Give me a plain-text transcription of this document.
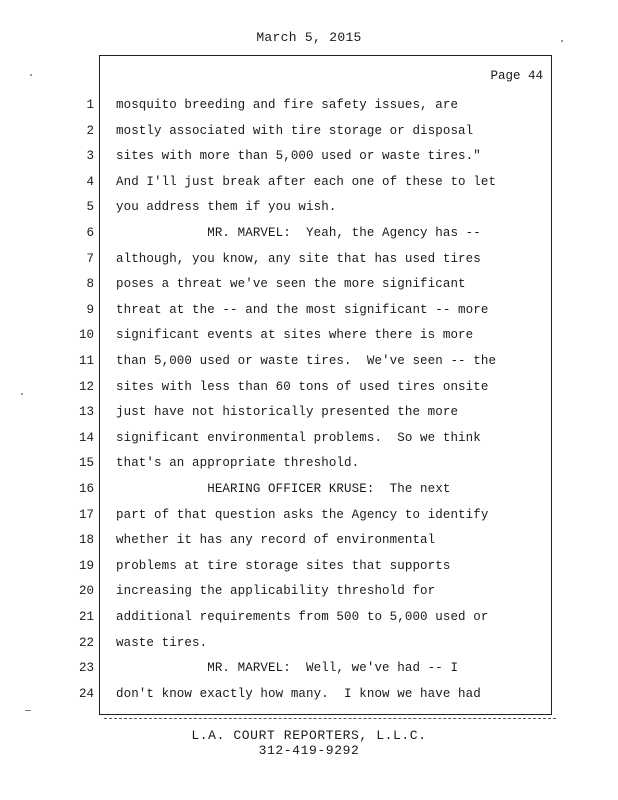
March 5, 2015
Page 44
1 mosquito breeding and fire safety issues, are
2 mostly associated with tire storage or disposal
3 sites with more than 5,000 used or waste tires."
4 And I'll just break after each one of these to let
5 you address them if you wish.
6 MR. MARVEL:  Yeah, the Agency has --
7 although, you know, any site that has used tires
8 poses a threat we've seen the more significant
9 threat at the -- and the most significant -- more
10 significant events at sites where there is more
11 than 5,000 used or waste tires.  We've seen -- the
12 sites with less than 60 tons of used tires onsite
13 just have not historically presented the more
14 significant environmental problems.  So we think
15 that's an appropriate threshold.
16 HEARING OFFICER KRUSE:  The next
17 part of that question asks the Agency to identify
18 whether it has any record of environmental
19 problems at tire storage sites that supports
20 increasing the applicability threshold for
21 additional requirements from 500 to 5,000 used or
22 waste tires.
23 MR. MARVEL:  Well, we've had -- I
24 don't know exactly how many.  I know we have had
L.A. COURT REPORTERS, L.L.C.
312-419-9292
